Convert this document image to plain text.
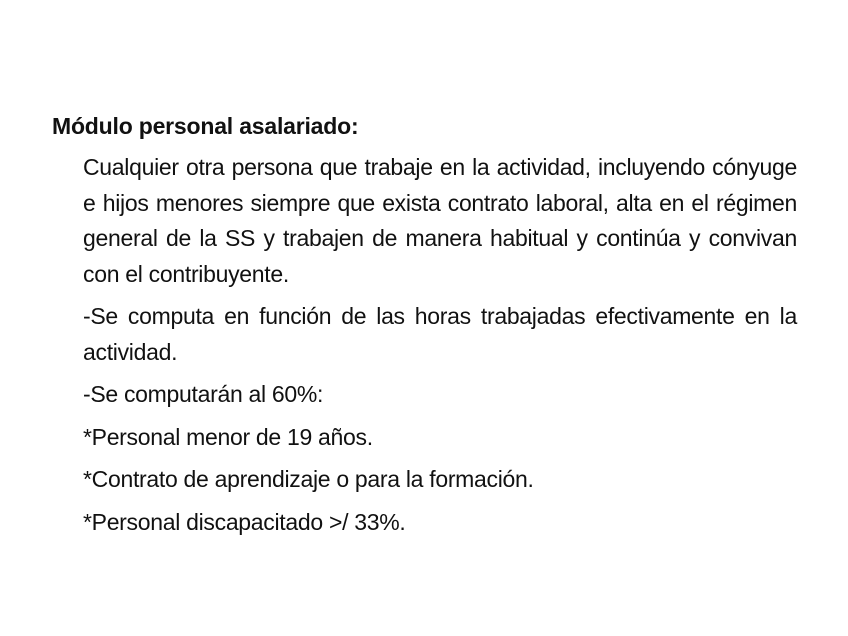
Módulo personal asalariado:

Cualquier otra persona que trabaje en la actividad, incluyendo cónyuge e hijos menores siempre que exista contrato laboral, alta en el régimen general de la SS y trabajen de manera habitual y continúa y convivan con el contribuyente.

-Se computa en función de las horas trabajadas efectivamente en la actividad.

-Se computarán al 60%:

*Personal menor de 19 años.

*Contrato de aprendizaje o para la formación.

*Personal discapacitado >/ 33%.
